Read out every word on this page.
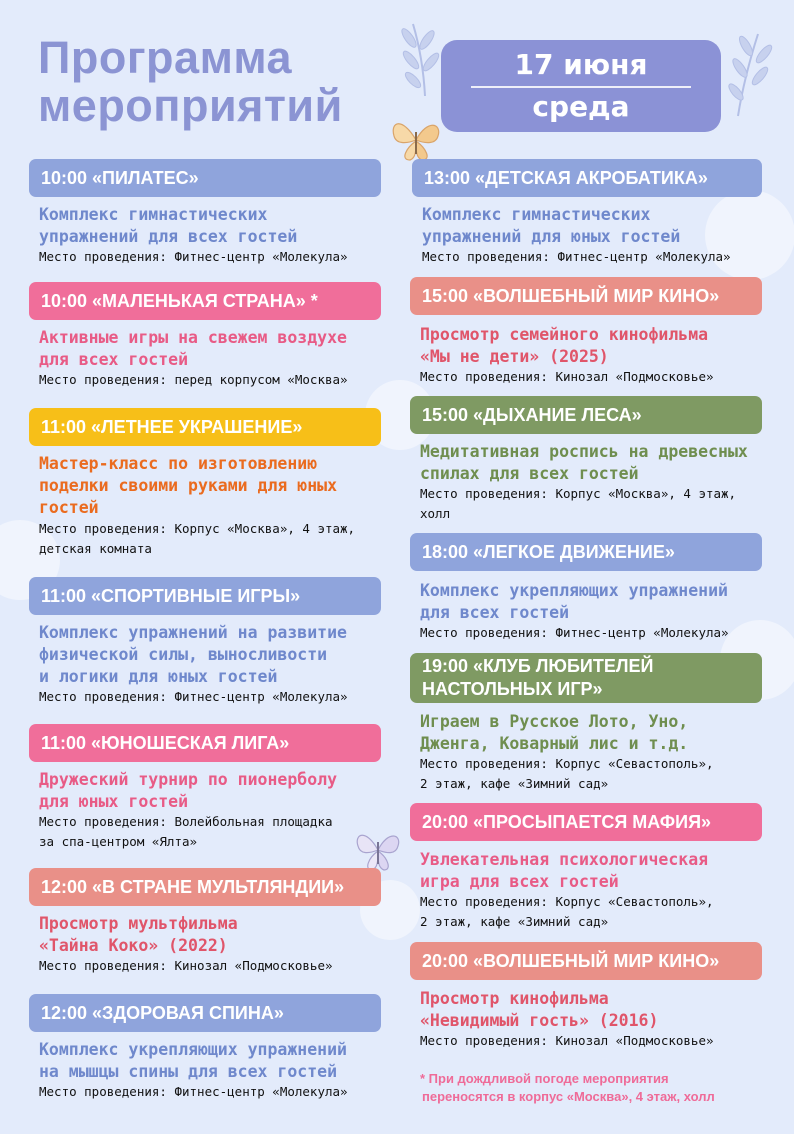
Программа
мероприятий
17 июня
среда
10:00 «ПИЛАТЕС»

Комплекс гимнастических
упражнений для всех гостей

Место проведения: Фитнес-центр «Молекула»

10:00 «МАЛЕНЬКАЯ СТРАНА» *

Активные игры на свежем воздухе
для всех гостей

Место проведения: перед корпусом «Москва»

11:00 «ЛЕТНЕЕ УКРАШЕНИЕ»

Мастер-класс по изготовлению
поделки своими руками для юных
гостей

Место проведения: Корпус «Москва», 4 этаж,
детская комната

11:00 «СПОРТИВНЫЕ ИГРЫ»

Комплекс упражнений на развитие
физической силы, выносливости
и логики для юных гостей

Место проведения: Фитнес-центр «Молекула»

11:00 «ЮНОШЕСКАЯ ЛИГА»

Дружеский турнир по пионерболу
для юных гостей

Место проведения: Волейбольная площадка
за спа-центром «Ялта»

12:00 «В СТРАНЕ МУЛЬТЛЯНДИИ»

Просмотр мультфильма
«Тайна Коко» (2022)

Место проведения: Кинозал «Подмосковье»

12:00 «ЗДОРОВАЯ СПИНА»

Комплекс укрепляющих упражнений
на мышцы спины для всех гостей

Место проведения: Фитнес-центр «Молекула»

13:00 «ДЕТСКАЯ АКРОБАТИКА»

Комплекс гимнастических
упражнений для юных гостей

Место проведения: Фитнес-центр «Молекула»

15:00 «ВОЛШЕБНЫЙ МИР КИНО»

Просмотр семейного кинофильма
«Мы не дети» (2025)

Место проведения: Кинозал «Подмосковье»

15:00 «ДЫХАНИЕ ЛЕСА»

Медитативная роспись на древесных
спилах для всех гостей

Место проведения: Корпус «Москва», 4 этаж,
холл

18:00 «ЛЕГКОЕ ДВИЖЕНИЕ»

Комплекс укрепляющих упражнений
для всех гостей

Место проведения: Фитнес-центр «Молекула»

19:00 «КЛУБ ЛЮБИТЕЛЕЙ
НАСТОЛЬНЫХ ИГР»

Играем в Русское Лото, Уно,
Дженга, Коварный лис и т.д.

Место проведения: Корпус «Севастополь»,
2 этаж, кафе «Зимний сад»

20:00 «ПРОСЫПАЕТСЯ МАФИЯ»

Увлекательная психологическая
игра для всех гостей

Место проведения: Корпус «Севастополь»,
2 этаж, кафе «Зимний сад»

20:00 «ВОЛШЕБНЫЙ МИР КИНО»

Просмотр кинофильма
«Невидимый гость» (2016)

Место проведения: Кинозал «Подмосковье»

* При дождливой погоде мероприятия
переносятся в корпус «Москва», 4 этаж, холл
